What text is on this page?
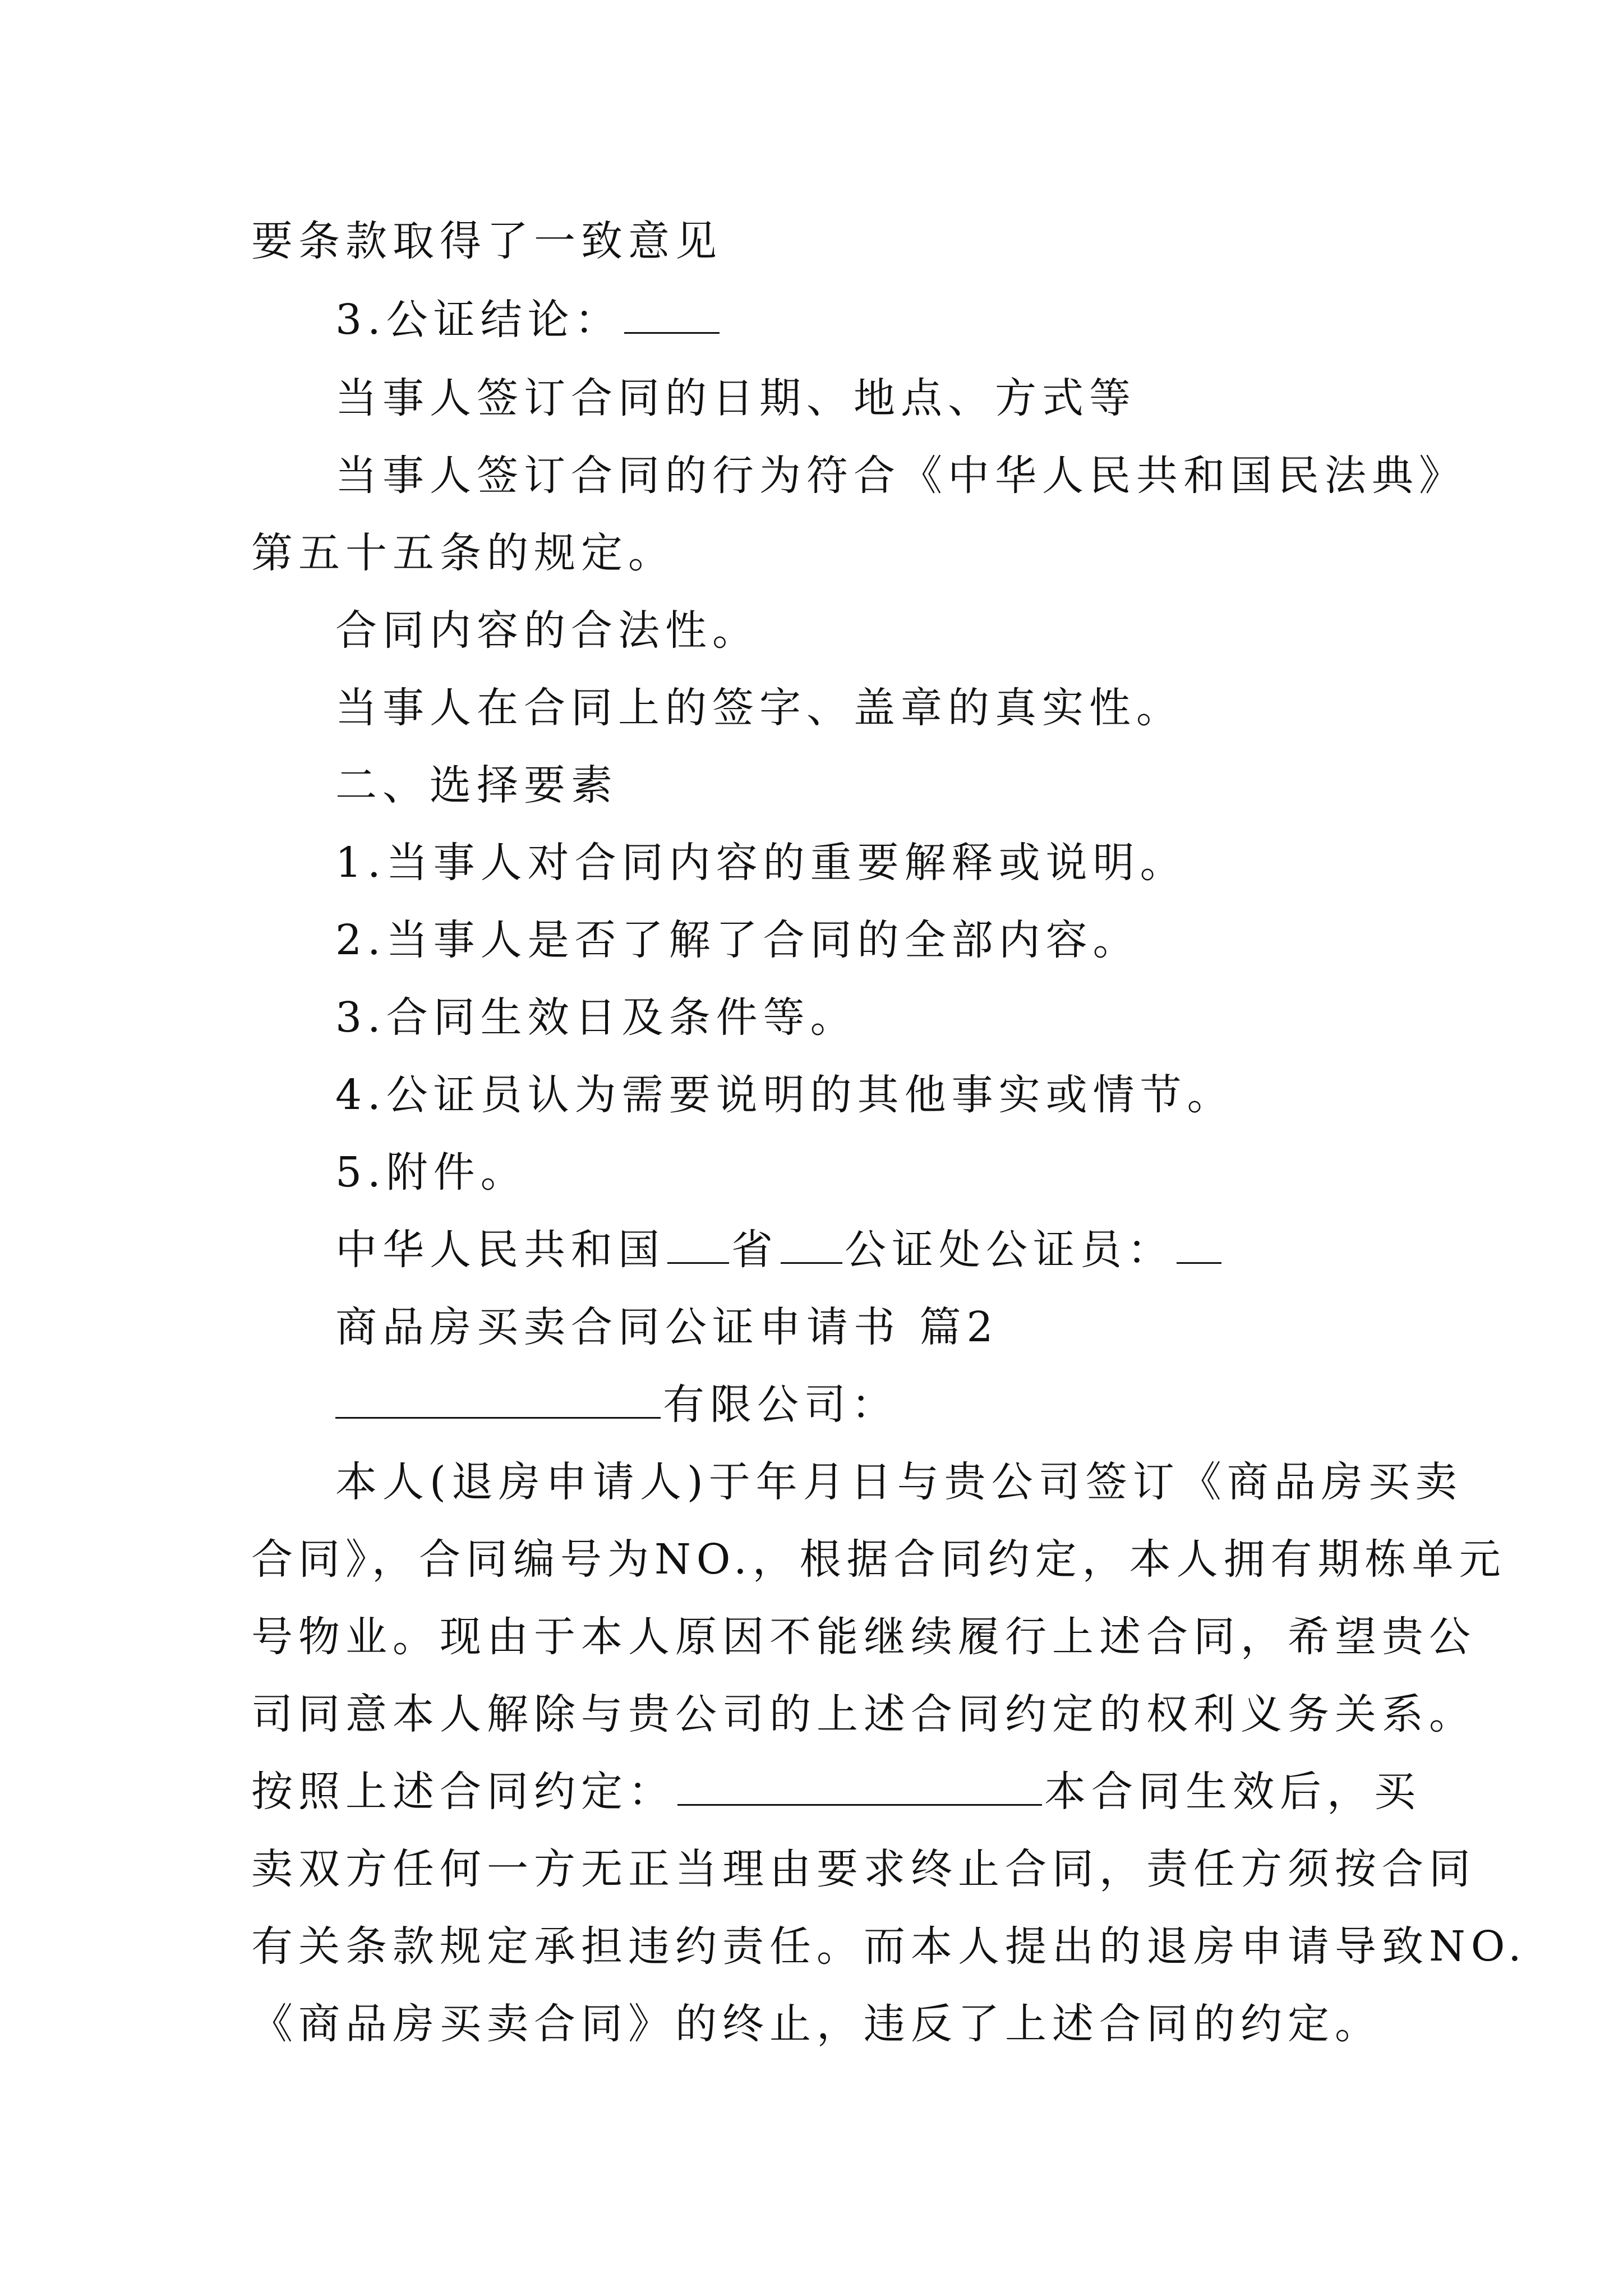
要条款取得了一致意见
3.公证结论：
当事人签订合同的日期、地点、方式等
当事人签订合同的行为符合《中华人民共和国民法典》
第五十五条的规定。
合同内容的合法性。
当事人在合同上的签字、盖章的真实性。
二、选择要素
1.当事人对合同内容的重要解释或说明。
2.当事人是否了解了合同的全部内容。
3.合同生效日及条件等。
4.公证员认为需要说明的其他事实或情节。
5.附件。
中华人民共和国 省 公证处公证员：
商品房买卖合同公证申请书 篇2
有限公司：
本人(退房申请人)于年月日与贵公司签订《商品房买卖
合同》，合同编号为NO.，根据合同约定，本人拥有期栋单元
号物业。现由于本人原因不能继续履行上述合同，希望贵公
司同意本人解除与贵公司的上述合同约定的权利义务关系。
按照上述合同约定：	本合同生效后，买
卖双方任何一方无正当理由要求终止合同，责任方须按合同
有关条款规定承担违约责任。而本人提出的退房申请导致NO.
《商品房买卖合同》的终止，违反了上述合同的约定。
